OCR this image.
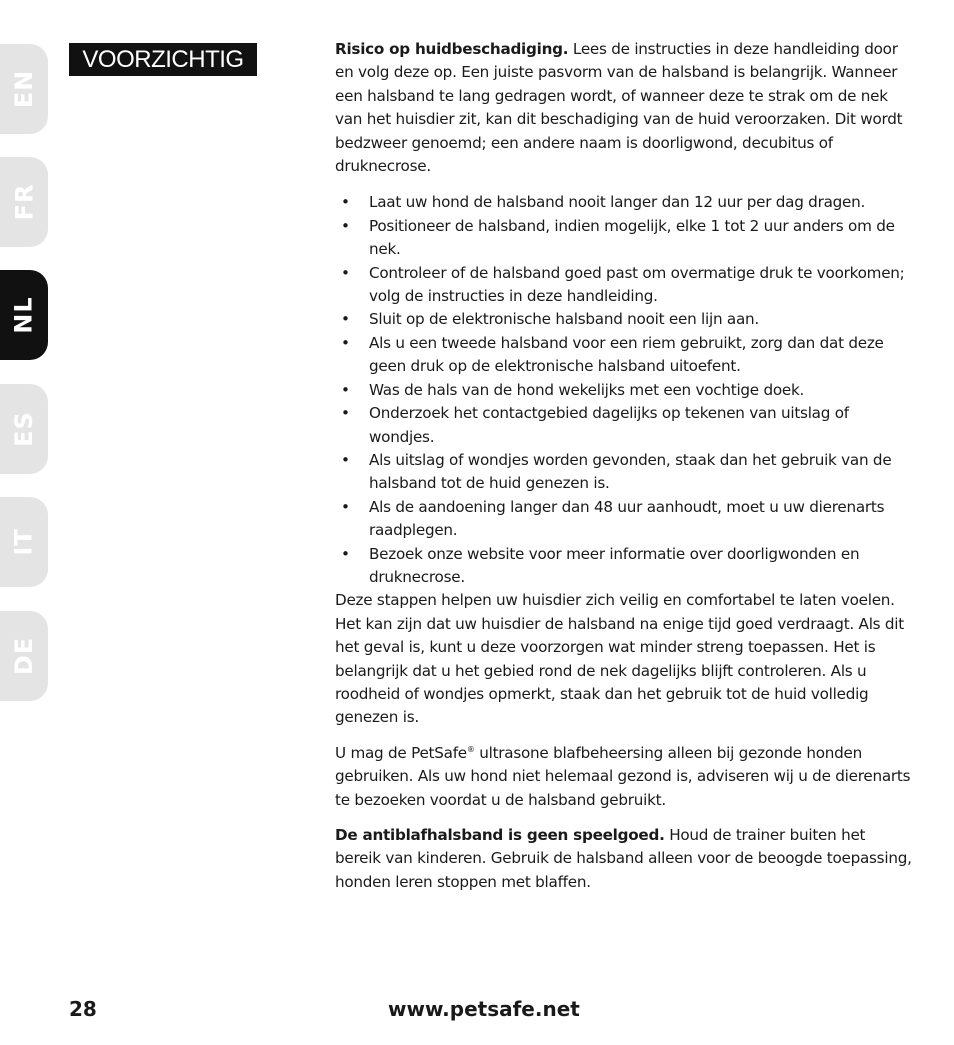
EN
FR
NL
ES
IT
DE
VOORZICHTIG	Risico op huidbeschadiging. Lees de instructies in deze handleiding door en volg deze op. Een juiste pasvorm van de halsband is belangrijk. Wanneer een halsband te lang gedragen wordt, of wanneer deze te strak om de nek van het huisdier zit, kan dit beschadiging van de huid veroorzaken. Dit wordt bedzweer genoemd; een andere naam is doorligwond, decubitus of druknecrose.

• Laat uw hond de halsband nooit langer dan 12 uur per dag dragen.
• Positioneer de halsband, indien mogelijk, elke 1 tot 2 uur anders om de nek.
• Controleer of de halsband goed past om overmatige druk te voorkomen; volg de instructies in deze handleiding.
• Sluit op de elektronische halsband nooit een lijn aan.
• Als u een tweede halsband voor een riem gebruikt, zorg dan dat deze geen druk op de elektronische halsband uitoefent.
• Was de hals van de hond wekelijks met een vochtige doek.
• Onderzoek het contactgebied dagelijks op tekenen van uitslag of wondjes.
• Als uitslag of wondjes worden gevonden, staak dan het gebruik van de halsband tot de huid genezen is.
• Als de aandoening langer dan 48 uur aanhoudt, moet u uw dierenarts raadplegen.
• Bezoek onze website voor meer informatie over doorligwonden en druknecrose.

Deze stappen helpen uw huisdier zich veilig en comfortabel te laten voelen. Het kan zijn dat uw huisdier de halsband na enige tijd goed verdraagt. Als dit het geval is, kunt u deze voorzorgen wat minder streng toepassen. Het is belangrijk dat u het gebied rond de nek dagelijks blijft controleren. Als u roodheid of wondjes opmerkt, staak dan het gebruik tot de huid volledig genezen is.

U mag de PetSafe® ultrasone blafbeheersing alleen bij gezonde honden gebruiken. Als uw hond niet helemaal gezond is, adviseren wij u de dierenarts te bezoeken voordat u de halsband gebruikt.

De antiblafhalsband is geen speelgoed. Houd de trainer buiten het bereik van kinderen. Gebruik de halsband alleen voor de beoogde toepassing, honden leren stoppen met blaffen.

28	www.petsafe.net
